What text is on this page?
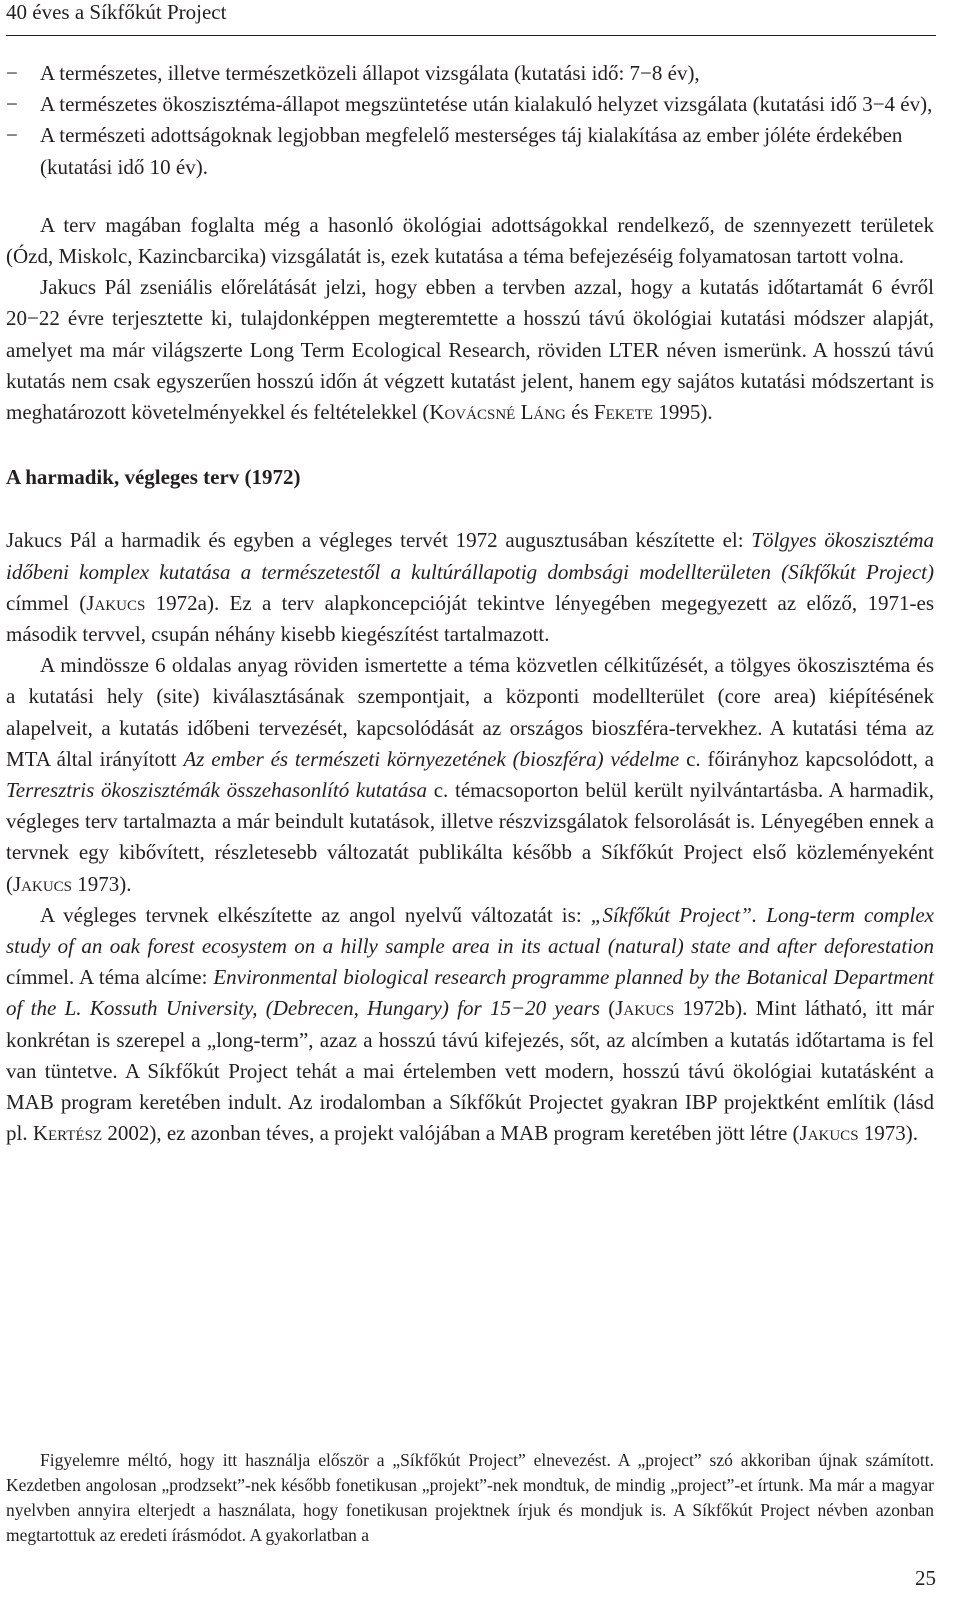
40 éves a Síkfőkút Project
− A természetes, illetve természetközeli állapot vizsgálata (kutatási idő: 7−8 év),
− A természetes ökoszisztéma-állapot megszüntetése után kialakuló helyzet vizsgálata (kutatási idő 3−4 év),
− A természeti adottságoknak legjobban megfelelő mesterséges táj kialakítása az ember jóléte érdekében (kutatási idő 10 év).

A terv magában foglalta még a hasonló ökológiai adottságokkal rendelkező, de szennyezett területek (Ózd, Miskolc, Kazincbarcika) vizsgálatát is, ezek kutatása a téma befejezéséig folyamatosan tartott volna.

Jakucs Pál zseniális előrelátását jelzi, hogy ebben a tervben azzal, hogy a kutatás időtartamát 6 évről 20−22 évre terjesztette ki, tulajdonképpen megteremtette a hosszú távú ökológiai kutatási módszer alapját, amelyet ma már világszerte Long Term Ecological Research, röviden LTER néven ismerünk. A hosszú távú kutatás nem csak egyszerűen hosszú időn át végzett kutatást jelent, hanem egy sajátos kutatási módszertant is meghatározott követelményekkel és feltételekkel (Kovácsné Láng és Fekete 1995).

A harmadik, végleges terv (1972)

Jakucs Pál a harmadik és egyben a végleges tervét 1972 augusztusában készítette el: Tölgyes ökoszisztéma időbeni komplex kutatása a természetestől a kultúrállapotig dombsági modellterületen (Síkfőkút Project) címmel (Jakucs 1972a). Ez a terv alapkoncepcióját tekintve lényegében megegyezett az előző, 1971-es második tervvel, csupán néhány kisebb kiegészítést tartalmazott.

A mindössze 6 oldalas anyag röviden ismertette a téma közvetlen célkitűzését, a tölgyes ökoszisztéma és a kutatási hely (site) kiválasztásának szempontjait, a központi modellterület (core area) kiépítésének alapelveit, a kutatás időbeni tervezését, kapcsolódását az országos bioszféra-tervekhez. A kutatási téma az MTA által irányított Az ember és természeti környezetének (bioszféra) védelme c. főirányhoz kapcsolódott, a Terresztris ökoszisztémák összehasonlító kutatása c. témacsoporton belül került nyilvántartásba. A harmadik, végleges terv tartalmazta a már beindult kutatások, illetve részvizsgálatok felsorolását is. Lényegében ennek a tervnek egy kibővített, részletesebb változatát publikálta később a Síkfőkút Project első közleményeként (Jakucs 1973).

A végleges tervnek elkészítette az angol nyelvű változatát is: „Síkfőkút Project”. Long-term complex study of an oak forest ecosystem on a hilly sample area in its actual (natural) state and after deforestation címmel. A téma alcíme: Environmental biological research programme planned by the Botanical Department of the L. Kossuth University, (Debrecen, Hungary) for 15−20 years (Jakucs 1972b). Mint látható, itt már konkrétan is szerepel a „long-term”, azaz a hosszú távú kifejezés, sőt, az alcímben a kutatás időtartama is fel van tüntetve. A Síkfőkút Project tehát a mai értelemben vett modern, hosszú távú ökológiai kutatásként a MAB program keretében indult. Az irodalomban a Síkfőkút Projectet gyakran IBP projektként említik (lásd pl. Kertész 2002), ez azonban téves, a projekt valójában a MAB program keretében jött létre (Jakucs 1973).

Figyelemre méltó, hogy itt használja először a „Síkfőkút Project” elnevezést. A „project” szó akkoriban újnak számított. Kezdetben angolosan „prodzsekt”-nek később fonetikusan „projekt”-nek mondtuk, de mindig „project”-et írtunk. Ma már a magyar nyelvben annyira elterjedt a használata, hogy fonetikusan projektnek írjuk és mondjuk is. A Síkfőkút Project névben azonban megtartottuk az eredeti írásmódot. A gyakorlatban a

25
